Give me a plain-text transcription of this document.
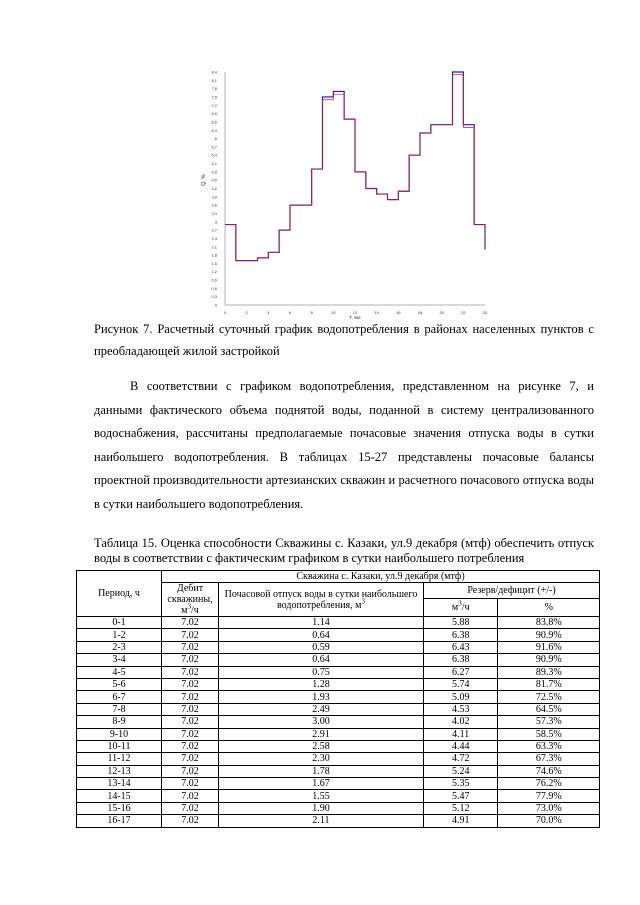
0
0,3
0,6
0,9
1,2
1,5
1,8
2,1
2,4
2,7
3
3,3
3,6
3,9
4,2
4,5
4,8
5,1
5,4
5,7
6
6,3
6,6
6,9
7,2
7,5
7,8
8,1
8,4
0	2	4	6	8	10	12	14	16	18	20	22	24
Q, %
T, час

Рисунок 7. Расчетный суточный график водопотребления в районах населенных пунктов с преобладающей жилой застройкой

В соответствии с графиком водопотребления, представленном на рисунке 7, и данными фактического объема поднятой воды, поданной в систему централизованного водоснабжения, рассчитаны предполагаемые почасовые значения отпуска воды в сутки наибольшего водопотребления. В таблицах 15-27 представлены почасовые балансы проектной производительности артезианских скважин и расчетного почасового отпуска воды в сутки наибольшего водопотребления.

Таблица 15. Оценка способности Скважины с. Казаки, ул.9 декабря (мтф) обеспечить отпуск воды в соответствии с фактическим графиком в сутки наибольшего потребления

Период, ч	Скважина с. Казаки, ул.9 декабря (мтф)			
	Дебит скважины,
$м^3/ч$	Почасовой отпуск воды в сутки наибольшего водопотребления, $м^3$	Резерв/дефицит (+/-)	
			$м^3/ч$	%
0-1	7.02	1.14	5.88	83.8%
1-2	7.02	0.64	6.38	90.9%
2-3	7.02	0.59	6.43	91.6%
3-4	7.02	0.64	6.38	90.9%
4-5	7.02	0.75	6.27	89.3%
5-6	7.02	1.28	5.74	81.7%
6-7	7.02	1.93	5.09	72.5%
7-8	7.02	2.49	4.53	64.5%
8-9	7.02	3.00	4.02	57.3%
9-10	7.02	2.91	4.11	58.5%
10-11	7.02	2.58	4.44	63.3%
11-12	7.02	2.30	4.72	67.3%
12-13	7.02	1.78	5.24	74.6%
13-14	7.02	1.67	5.35	76.2%
14-15	7.02	1.55	5.47	77.9%
15-16	7.02	1.90	5.12	73.0%
16-17	7.02	2.11	4.91	70.0%
